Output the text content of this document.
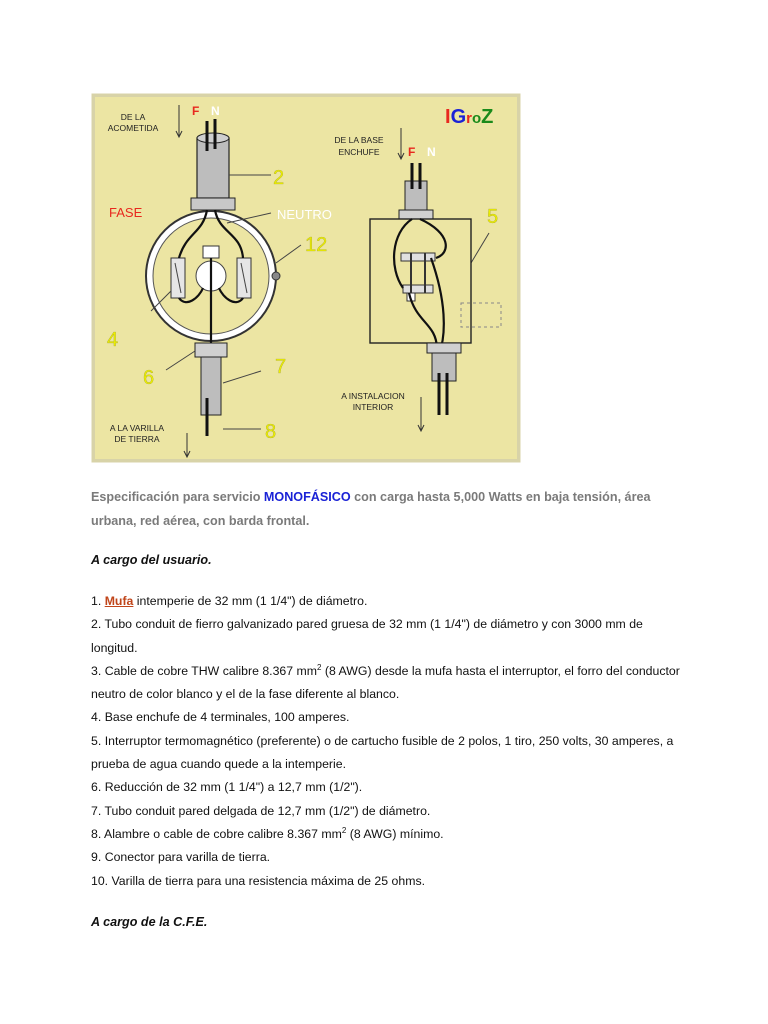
DE LA
ACOMETIDA
DE LA BASE
ENCHUFE
A INSTALACION
INTERIOR
A LA VARILLA
DE TIERRA
F N
F N
FASE	NEUTRO
2
12
4
6	7
8
5
IGroZ
Especificación para servicio MONOFÁSICO con carga hasta 5,000 Watts en baja tensión, área urbana, red aérea, con barda frontal.
A cargo del usuario.
1. Mufa intemperie de 32 mm (1 1/4") de diámetro.
2. Tubo conduit de fierro galvanizado pared gruesa de 32 mm (1 1/4") de diámetro y con 3000 mm de longitud.
3. Cable de cobre THW calibre 8.367 $mm^2$ (8 AWG) desde la mufa hasta el interruptor, el forro del conductor neutro de color blanco y el de la fase diferente al blanco.
4. Base enchufe de 4 terminales, 100 amperes.
5. Interruptor termomagnético (preferente) o de cartucho fusible de 2 polos, 1 tiro, 250 volts, 30 amperes, a prueba de agua cuando quede a la intemperie.
6. Reducción de 32 mm (1 1/4") a 12,7 mm (1/2").
7. Tubo conduit pared delgada de 12,7 mm (1/2") de diámetro.
8. Alambre o cable de cobre calibre 8.367 $mm^2$ (8 AWG) mínimo.
9. Conector para varilla de tierra.
10. Varilla de tierra para una resistencia máxima de 25 ohms.
A cargo de la C.F.E.
